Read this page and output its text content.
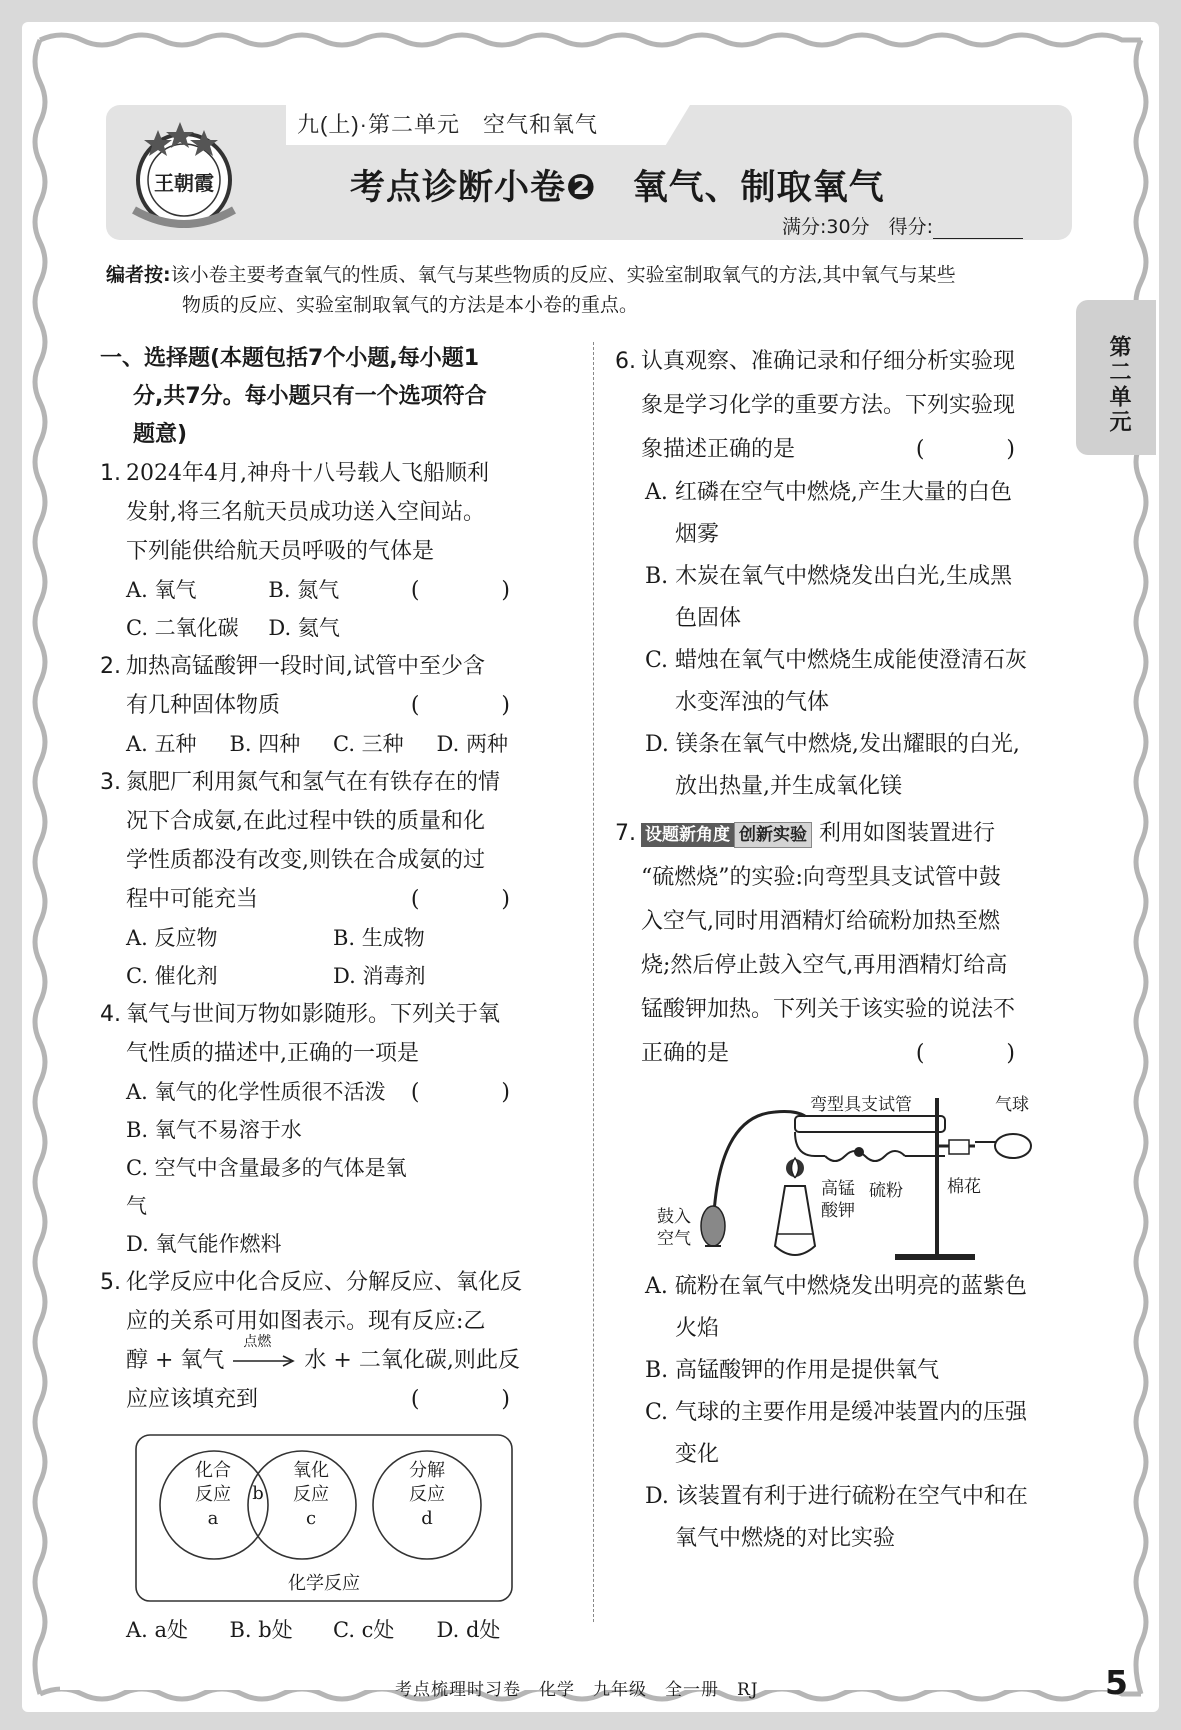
九(上)·第二单元　空气和氧气
王朝霞	考点诊断小卷❷　氧气、制取氧气
满分:30分　得分:
编者按:该小卷主要考查氧气的性质、氧气与某些物质的反应、实验室制取氧气的方法,其中氧气与某些
物质的反应、实验室制取氧气的方法是本小卷的重点。
一、选择题(本题包括7个小题,每小题1
分,共7分。每小题只有一个选项符合
题意)
1. 2024年4月,神舟十八号载人飞船顺利
发射,将三名航天员成功送入空间站。
下列能供给航天员呼吸的气体是
(　)
A. 氧气	B. 氮气
C. 二氧化碳	D. 氦气
2. 加热高锰酸钾一段时间,试管中至少含
有几种固体物质	(　)
A. 五种	B. 四种	C. 三种	D. 两种
3. 氮肥厂利用氮气和氢气在有铁存在的情
况下合成氨,在此过程中铁的质量和化
学性质都没有改变,则铁在合成氨的过
程中可能充当	(　)
A. 反应物	B. 生成物
C. 催化剂	D. 消毒剂
4. 氧气与世间万物如影随形。下列关于氧
气性质的描述中,正确的一项是
(　)
A. 氧气的化学性质很不活泼
B. 氧气不易溶于水
C. 空气中含量最多的气体是氧气
D. 氧气能作燃料
5. 化学反应中化合反应、分解反应、氧化反
应的关系可用如图表示。现有反应:乙
醇 + 氧气
点燃
水 + 二氧化碳,则此反
应应该填充到	(　)
化合
反应
a
b
氧化
反应
c
分解
反应
d
化学反应
A. a处	B. b处	C. c处	D. d处
6. 认真观察、准确记录和仔细分析实验现
象是学习化学的重要方法。下列实验现
象描述正确的是	(　)
A. 红磷在空气中燃烧,产生大量的白色
烟雾
B. 木炭在氧气中燃烧发出白光,生成黑
色固体
C. 蜡烛在氧气中燃烧生成能使澄清石灰
水变浑浊的气体
D. 镁条在氧气中燃烧,发出耀眼的白光,
放出热量,并生成氧化镁
7. 设题新角度 创新实验 利用如图装置进行
“硫燃烧”的实验:向弯型具支试管中鼓
入空气,同时用酒精灯给硫粉加热至燃
烧;然后停止鼓入空气,再用酒精灯给高
锰酸钾加热。下列关于该实验的说法不
正确的是	(　)
弯型具支试管	气球
高锰
酸钾
硫粉	棉花
鼓入
空气
A. 硫粉在氧气中燃烧发出明亮的蓝紫色
火焰
B. 高锰酸钾的作用是提供氧气
C. 气球的主要作用是缓冲装置内的压强
变化
D. 该装置有利于进行硫粉在空气中和在
氧气中燃烧的对比实验
考点梳理时习卷　化学　九年级　全一册　RJ	5
第二单元
